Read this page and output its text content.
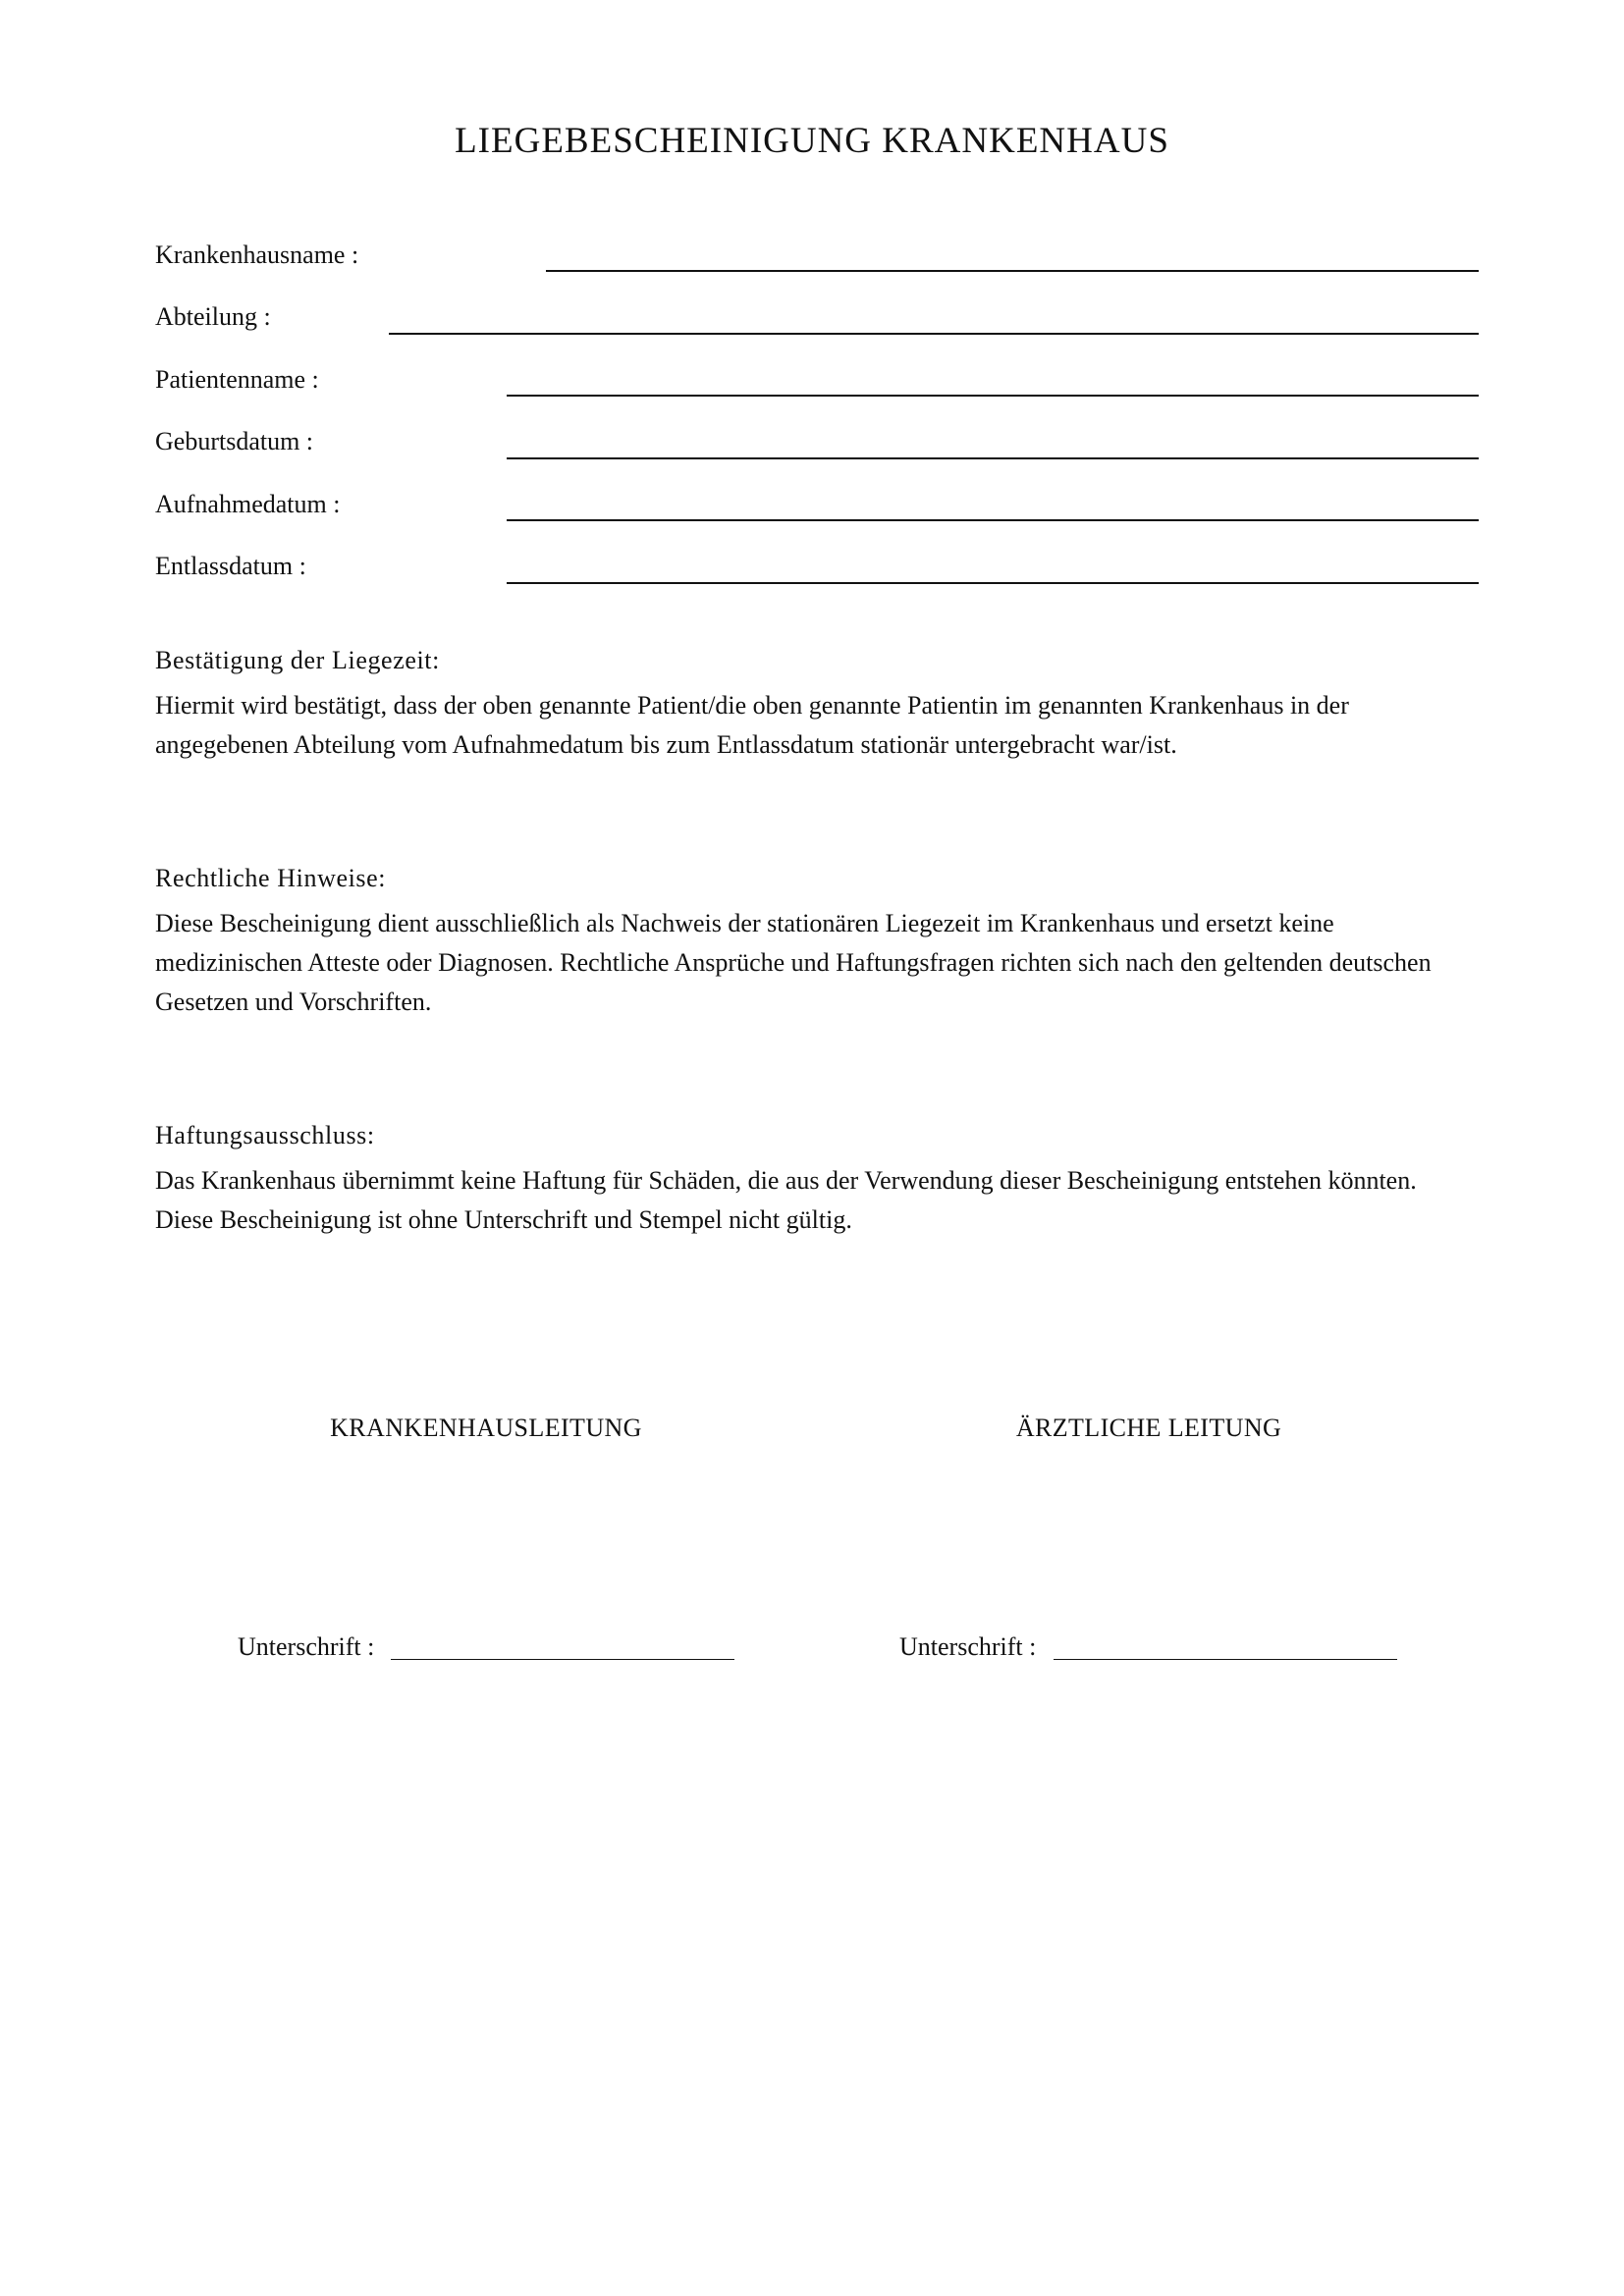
LIEGEBESCHEINIGUNG KRANKENHAUS
Krankenhausname :
Abteilung :
Patientenname :
Geburtsdatum :
Aufnahmedatum :
Entlassdatum :
Bestätigung der Liegezeit:
Hiermit wird bestätigt, dass der oben genannte Patient/die oben genannte Patientin im genannten Krankenhaus in der angegebenen Abteilung vom Aufnahmedatum bis zum Entlassdatum stationär untergebracht war/ist.
Rechtliche Hinweise:
Diese Bescheinigung dient ausschließlich als Nachweis der stationären Liegezeit im Krankenhaus und ersetzt keine medizinischen Atteste oder Diagnosen. Rechtliche Ansprüche und Haftungsfragen richten sich nach den geltenden deutschen Gesetzen und Vorschriften.
Haftungsausschluss:
Das Krankenhaus übernimmt keine Haftung für Schäden, die aus der Verwendung dieser Bescheinigung entstehen könnten. Diese Bescheinigung ist ohne Unterschrift und Stempel nicht gültig.
KRANKENHAUSLEITUNG	ÄRZTLICHE LEITUNG
Unterschrift :	Unterschrift :
